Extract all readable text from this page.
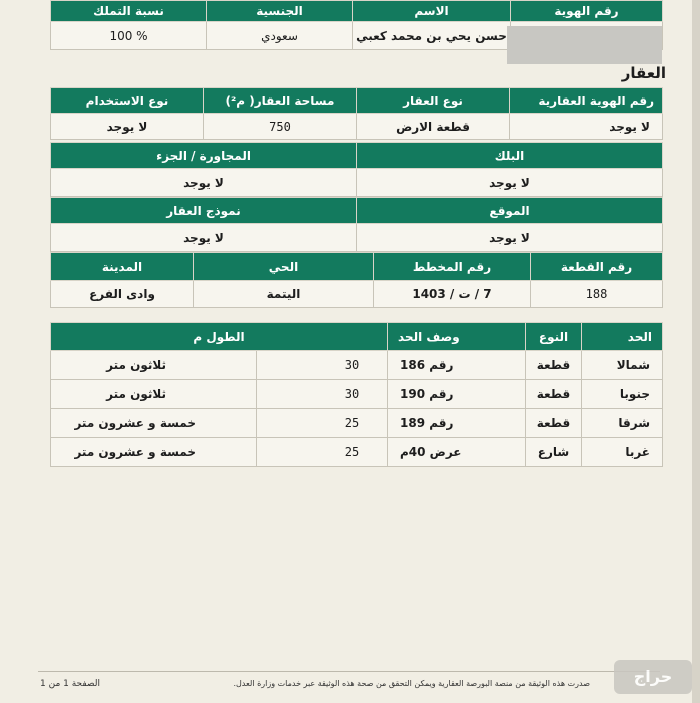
رقم الهوية	الاسم	الجنسية	نسبة التملك
	حسن يحي بن محمد كعبي	سعودي	% 100
العقار
رقم الهوية العقارية	نوع العقار	مساحة العقار( م²)	نوع الاستخدام
لا يوجد	قطعة الارض	750	لا يوجد
البلك	المجاورة / الجزء
لا يوجد	لا يوجد
الموقع	نموذج العقار
لا يوجد	لا يوجد
رقم القطعة	رقم المخطط	الحي	المدينة
188	7 / ت / 1403	اليتمة	وادى الفرع
الحد	النوع	وصف الحد	الطول م	
شمالا	قطعة	رقم 186	30	ثلاثون متر
جنوبا	قطعة	رقم 190	30	ثلاثون متر
شرقا	قطعة	رقم 189	25	خمسة و عشرون متر
غربا	شارع	عرض 40م	25	خمسة و عشرون متر
الصفحة 1 من 1	صدرت هذه الوثيقة من منصة البورصة العقارية ويمكن التحقق من صحة هذه الوثيقة عبر خدمات وزارة العدل.	حراج
